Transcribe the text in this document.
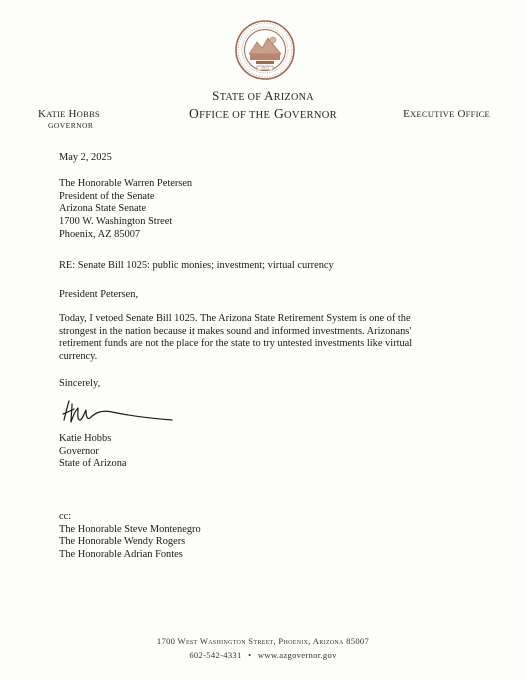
1912
STATE OF ARIZONA
OFFICE OF THE GOVERNOR
KATIE HOBBS
GOVERNOR
EXECUTIVE OFFICE
May 2, 2025
The Honorable Warren Petersen
President of the Senate
Arizona State Senate
1700 W. Washington Street
Phoenix, AZ 85007
RE: Senate Bill 1025: public monies; investment; virtual currency
President Petersen,
Today, I vetoed Senate Bill 1025. The Arizona State Retirement System is one of the
strongest in the nation because it makes sound and informed investments. Arizonans'
retirement funds are not the place for the state to try untested investments like virtual
currency.
Sincerely,
Katie Hobbs
Governor
State of Arizona
cc:
The Honorable Steve Montenegro
The Honorable Wendy Rogers
The Honorable Adrian Fontes
1700 West Washington Street, Phoenix, Arizona 85007
602-542-4331 • www.azgovernor.gov
